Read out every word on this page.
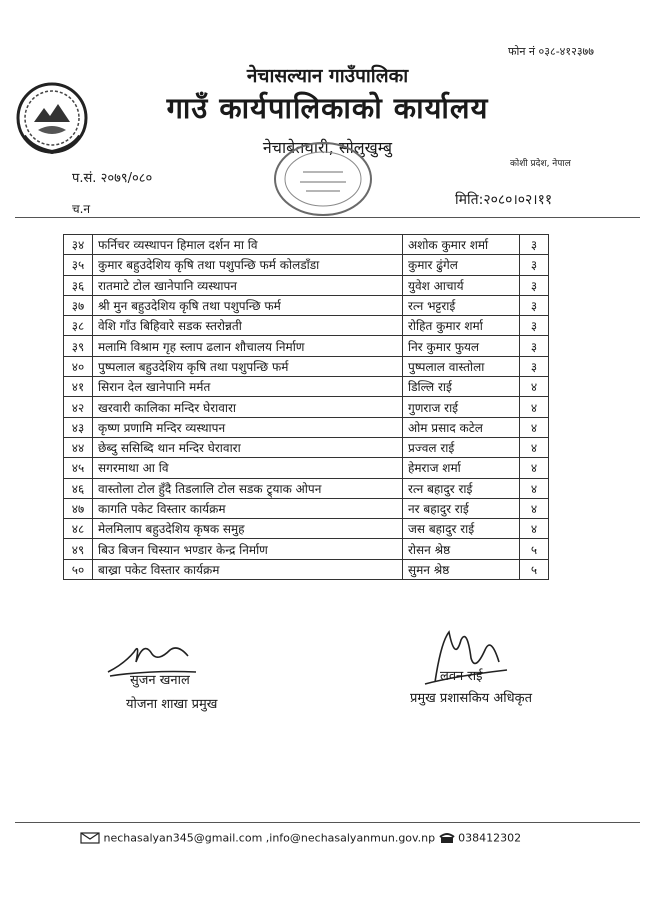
फोन नं ०३८-४१२३७७
नेचासल्यान गाउँपालिका
गाउँ कार्यपालिकाको कार्यालय
नेचाबेतघारी, सोलुखुम्बु
कोशी प्रदेश, नेपाल
प.सं. २०७९/०८०
च.न
मिति:२०८०।०२।११
३४	फर्निचर व्यस्थापन हिमाल दर्शन मा वि	अशोक कुमार शर्मा	३
३५	कुमार बहुउदेशिय कृषि तथा पशुपन्छि फर्म कोलडाँडा	कुमार ढुंगेल	३
३६	रातमाटे टोल खानेपानि व्यस्थापन	युवेश आचार्य	३
३७	श्री मुन बहुउदेशिय कृषि तथा पशुपन्छि फर्म	रत्न भट्टराई	३
३८	वेशि गाँउ बिहिवारे सडक स्तरोन्नती	रोहित कुमार शर्मा	३
३९	मलामि विश्राम गृह स्लाप ढलान शौचालय निर्माण	निर कुमार फुयल	३
४०	पुष्पलाल बहुउदेशिय कृषि तथा पशुपन्छि फर्म	पुष्पलाल वास्तोला	३
४१	सिरान देल खानेपानि मर्मत	डिल्लि राई	४
४२	खरवारी कालिका मन्दिर घेरावारा	गुणराज राई	४
४३	कृष्ण प्रणामि मन्दिर व्यस्थापन	ओम प्रसाद कटेल	४
४४	छेब्दु ससिब्दि थान मन्दिर घेरावारा	प्रज्वल राई	४
४५	सगरमाथा आ वि	हेमराज शर्मा	४
४६	वास्तोला टोल हुँदै तिडलालि टोल सडक ट्र्याक ओपन	रत्न बहादुर राई	४
४७	कागति पकेट विस्तार कार्यक्रम	नर बहादुर राई	४
४८	मेलमिलाप बहुउदेशिय कृषक समुह	जस बहादुर राई	४
४९	बिउ बिजन चिस्यान भण्डार केन्द्र निर्माण	रोसन श्रेष्ठ	५
५०	बाख्रा पकेट विस्तार कार्यक्रम	सुमन श्रेष्ठ	५
सुजन खनाल
योजना शाखा प्रमुख
लवन राई
प्रमुख प्रशासकिय अधिकृत
nechasalyan345@gmail.com ,info@nechasalyanmun.gov.np 038412302
